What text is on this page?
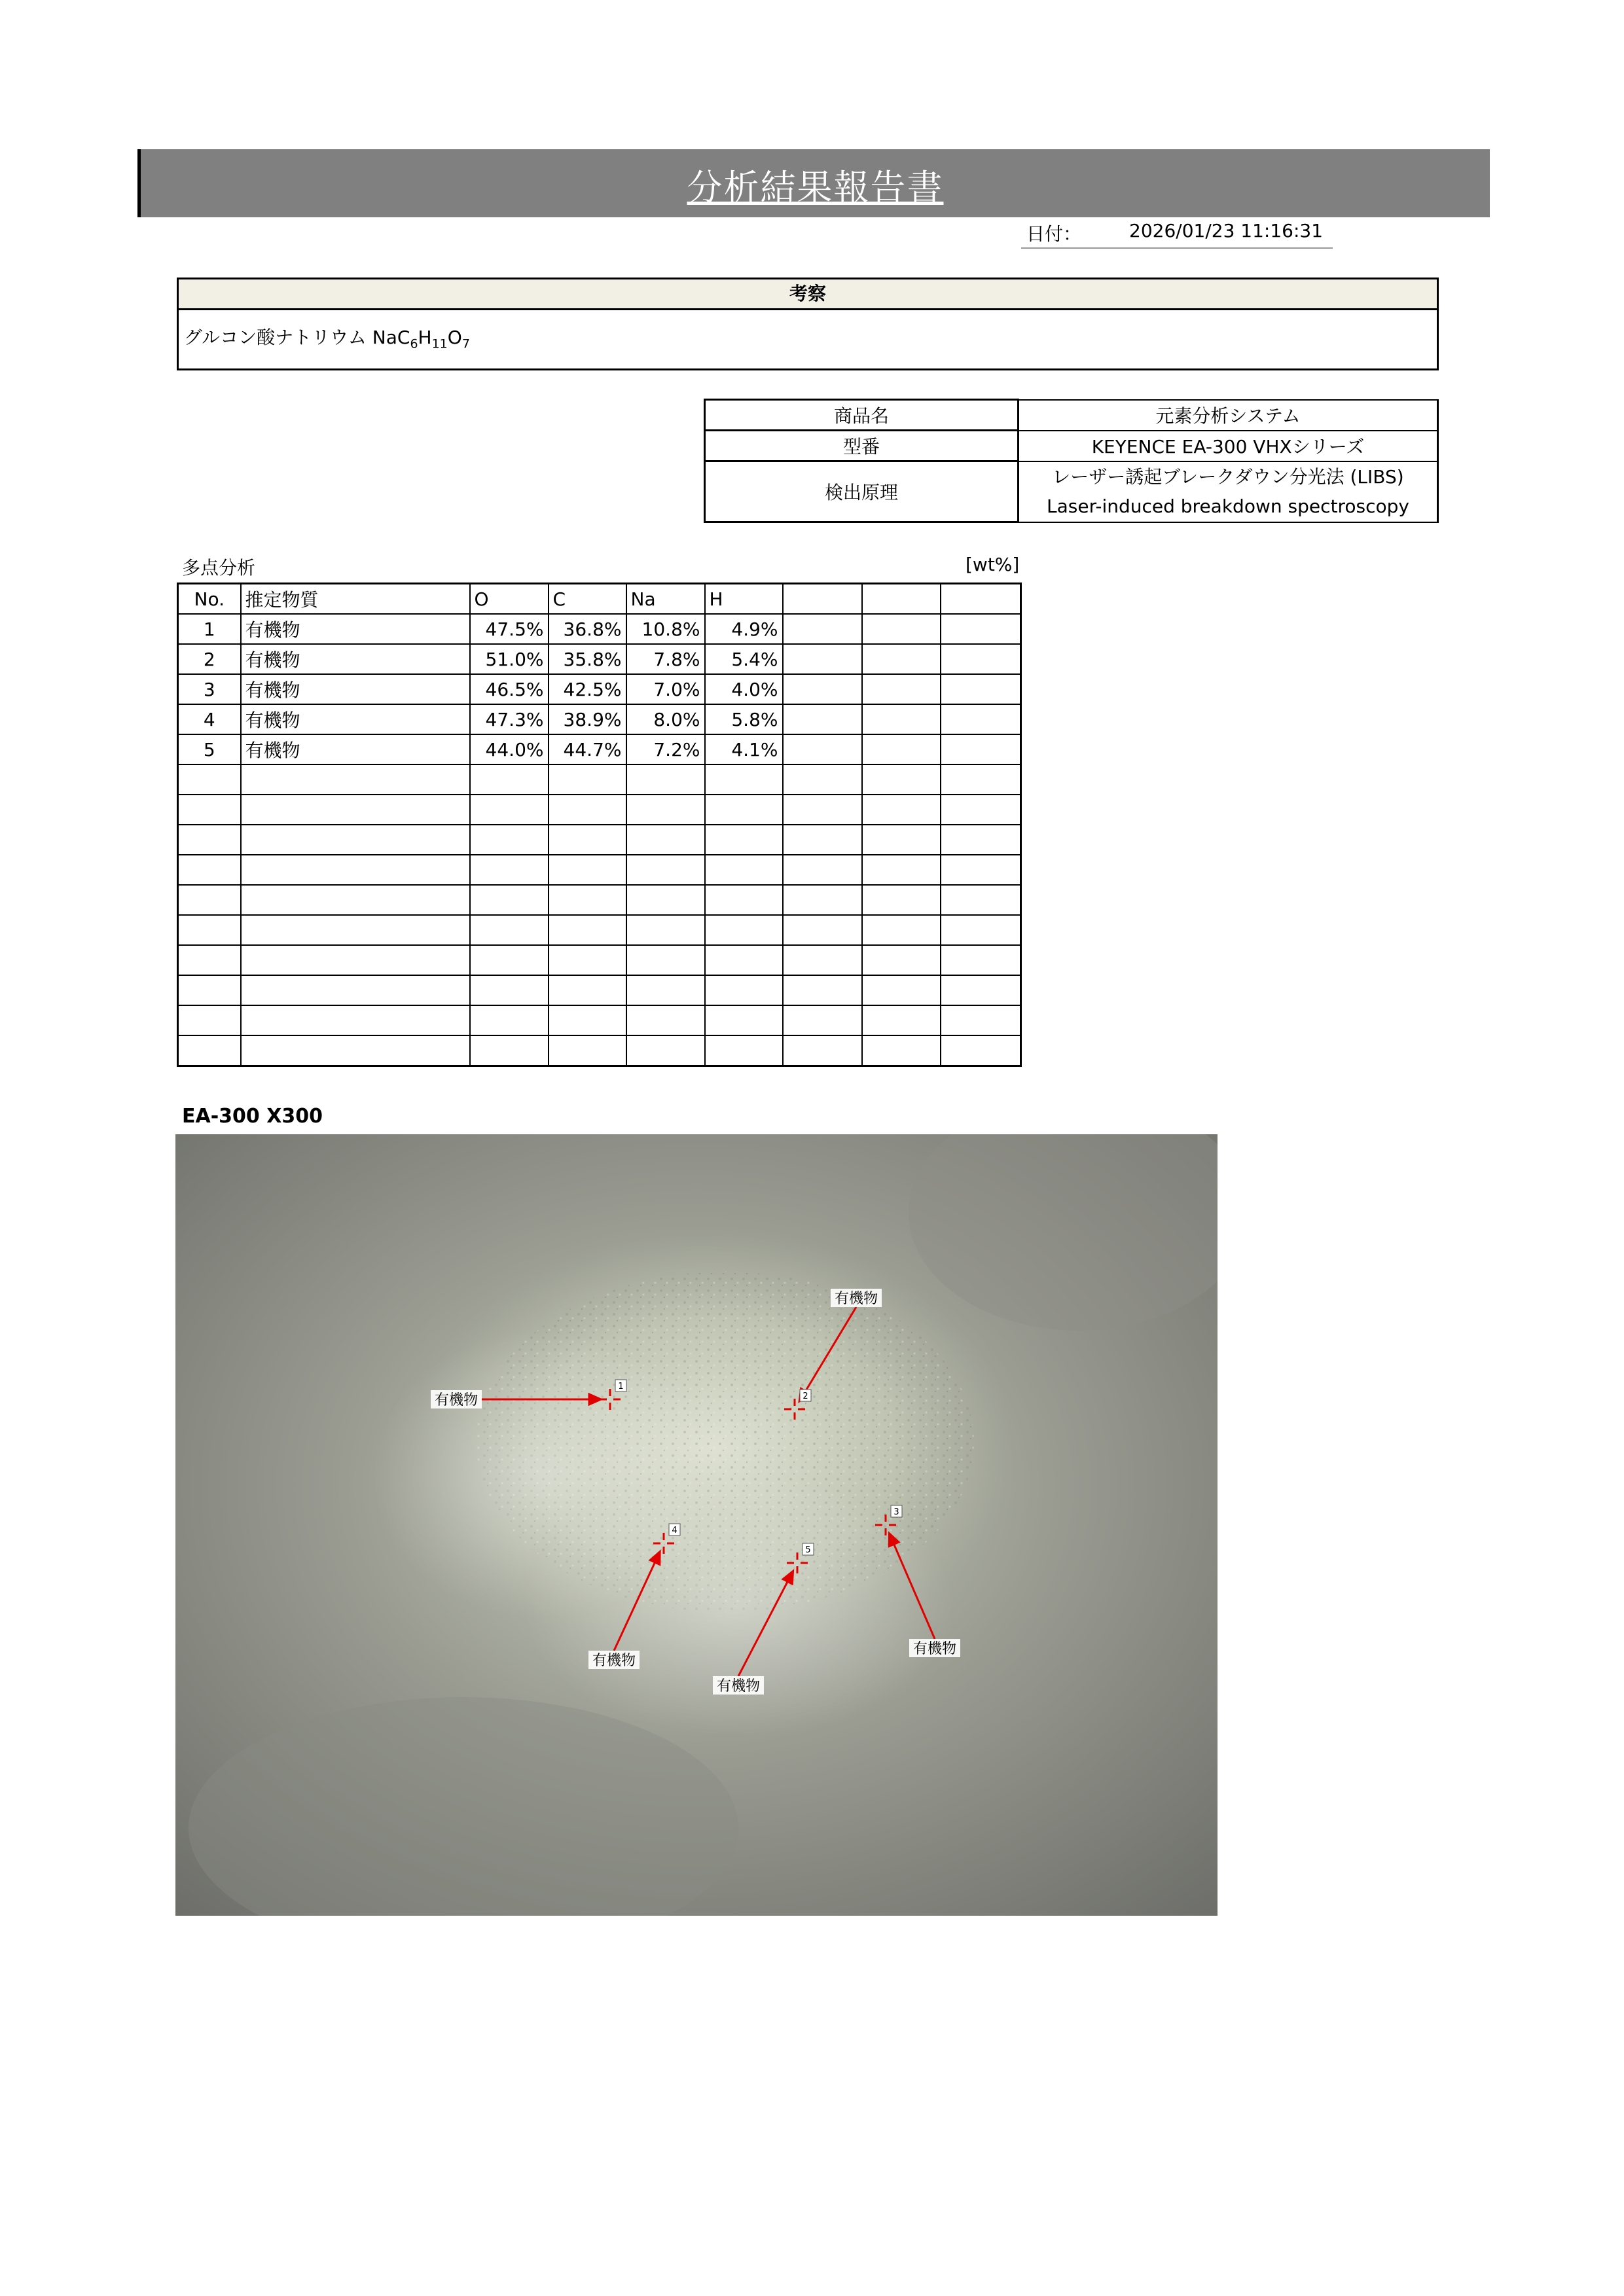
分析結果報告書
日付：	2026/01/23 11:16:31
考察
グルコン酸ナトリウム $NaC_6H_{11}O_7$
商品名	元素分析システム
型番	KEYENCE EA-300 VHXシリーズ
検出原理	レーザー誘起ブレークダウン分光法 (LIBS)
Laser-induced breakdown spectroscopy
多点分析	[wt%]
No.	推定物質	O	C	Na	H			
1	有機物	47.5%	36.8%	10.8%	4.9%			
2	有機物	51.0%	35.8%	7.8%	5.4%			
3	有機物	46.5%	42.5%	7.0%	4.0%			
4	有機物	47.3%	38.9%	8.0%	5.8%			
5	有機物	44.0%	44.7%	7.2%	4.1%			

EA-300 X300
1
2
3
4
5
有機物
有機物
有機物
有機物
有機物
